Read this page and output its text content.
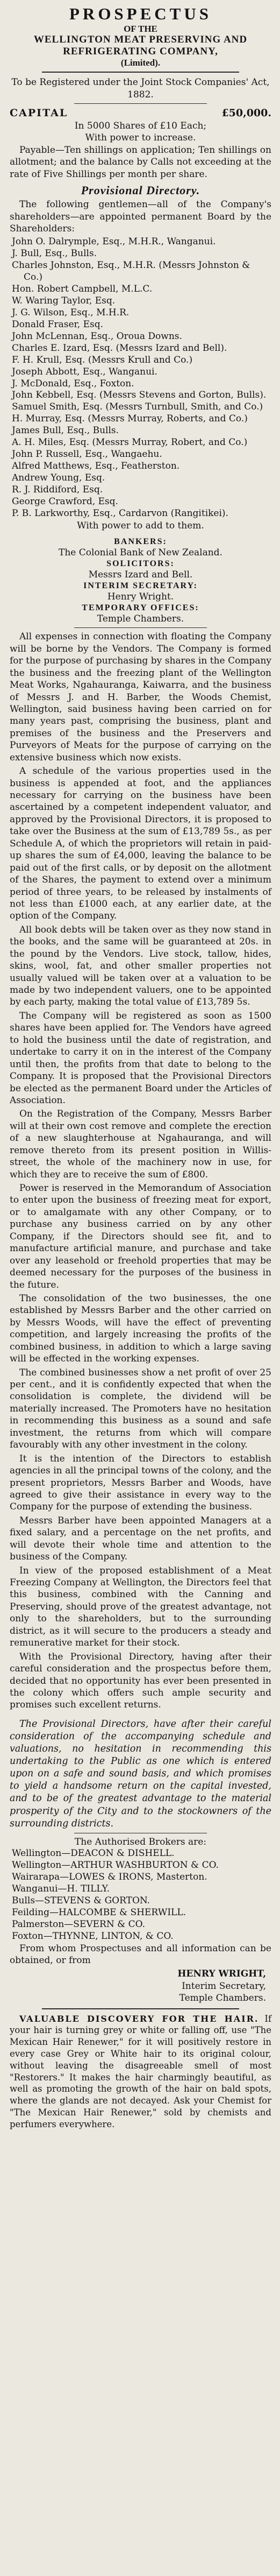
PROSPECTUS
OF THE
WELLINGTON MEAT PRESERVING AND REFRIGERATING COMPANY,
(Limited).

To be Registered under the Joint Stock Companies' Act, 1882.

CAPITAL	£50,000.

In 5000 Shares of £10 Each;

With power to increase.

Payable—Ten shillings on application; Ten shillings on allotment; and the balance by Calls not exceeding at the rate of Five Shillings per month per share.

Provisional Directory.

The following gentlemen—all of the Company's shareholders—are appointed permanent Board by the Shareholders:

John O. Dalrymple, Esq., M.H.R., Wanganui.
J. Bull, Esq., Bulls.
Charles Johnston, Esq., M.H.R. (Messrs Johnston & Co.)
Hon. Robert Campbell, M.L.C.
W. Waring Taylor, Esq.
J. G. Wilson, Esq., M.H.R.
Donald Fraser, Esq.
John McLennan, Esq., Oroua Downs.
Charles E. Izard, Esq. (Messrs Izard and Bell).
F. H. Krull, Esq. (Messrs Krull and Co.)
Joseph Abbott, Esq., Wanganui.
J. McDonald, Esq., Foxton.
John Kebbell, Esq. (Messrs Stevens and Gorton, Bulls).
Samuel Smith, Esq. (Messrs Turnbull, Smith, and Co.)
H. Murray, Esq. (Messrs Murray, Roberts, and Co.)
James Bull, Esq., Bulls.
A. H. Miles, Esq. (Messrs Murray, Robert, and Co.)
John P. Russell, Esq., Wangaehu.
Alfred Matthews, Esq., Featherston.
Andrew Young, Esq.
R. J. Riddiford, Esq.
George Crawford, Esq.
P. B. Larkworthy, Esq., Cardarvon (Rangitikei).

With power to add to them.

BANKERS:

The Colonial Bank of New Zealand.

SOLICITORS:

Messrs Izard and Bell.

INTERIM SECRETARY:

Henry Wright.

TEMPORARY OFFICES:

Temple Chambers.

All expenses in connection with floating the Company will be borne by the Vendors. The Company is formed for the purpose of purchasing by shares in the Company the business and the freezing plant of the Wellington Meat Works, Ngahauranga, Kaiwarra, and the business of Messrs J. and H. Barber, the Woods Chemist, Wellington, said business having been carried on for many years past, comprising the business, plant and premises of the business and the Preservers and Purveyors of Meats for the purpose of carrying on the extensive business which now exists.

A schedule of the various properties used in the business is appended at foot, and the appliances necessary for carrying on the business have been ascertained by a competent independent valuator, and approved by the Provisional Directors, it is proposed to take over the Business at the sum of £13,789 5s., as per Schedule A, of which the proprietors will retain in paid-up shares the sum of £4,000, leaving the balance to be paid out of the first calls, or by deposit on the allotment of the Shares, the payment to extend over a minimum period of three years, to be released by instalments of not less than £1000 each, at any earlier date, at the option of the Company.

All book debts will be taken over as they now stand in the books, and the same will be guaranteed at 20s. in the pound by the Vendors. Live stock, tallow, hides, skins, wool, fat, and other smaller properties not usually valued will be taken over at a valuation to be made by two independent valuers, one to be appointed by each party, making the total value of £13,789 5s.

The Company will be registered as soon as 1500 shares have been applied for. The Vendors have agreed to hold the business until the date of registration, and undertake to carry it on in the interest of the Company until then, the profits from that date to belong to the Company. It is proposed that the Provisional Directors be elected as the permanent Board under the Articles of Association.

On the Registration of the Company, Messrs Barber will at their own cost remove and complete the erection of a new slaughterhouse at Ngahauranga, and will remove thereto from its present position in Willis-street, the whole of the machinery now in use, for which they are to receive the sum of £800.

Power is reserved in the Memorandum of Association to enter upon the business of freezing meat for export, or to amalgamate with any other Company, or to purchase any business carried on by any other Company, if the Directors should see fit, and to manufacture artificial manure, and purchase and take over any leasehold or freehold properties that may be deemed necessary for the purposes of the business in the future.

The consolidation of the two businesses, the one established by Messrs Barber and the other carried on by Messrs Woods, will have the effect of preventing competition, and largely increasing the profits of the combined business, in addition to which a large saving will be effected in the working expenses.

The combined businesses show a net profit of over 25 per cent., and it is confidently expected that when the consolidation is complete, the dividend will be materially increased. The Promoters have no hesitation in recommending this business as a sound and safe investment, the returns from which will compare favourably with any other investment in the colony.

It is the intention of the Directors to establish agencies in all the principal towns of the colony, and the present proprietors, Messrs Barber and Woods, have agreed to give their assistance in every way to the Company for the purpose of extending the business.

Messrs Barber have been appointed Managers at a fixed salary, and a percentage on the net profits, and will devote their whole time and attention to the business of the Company.

In view of the proposed establishment of a Meat Freezing Company at Wellington, the Directors feel that this business, combined with the Canning and Preserving, should prove of the greatest advantage, not only to the shareholders, but to the surrounding district, as it will secure to the producers a steady and remunerative market for their stock.

With the Provisional Directory, having after their careful consideration and the prospectus before them, decided that no opportunity has ever been presented in the colony which offers such ample security and promises such excellent returns.

The Provisional Directors, have after their careful consideration of the accompanying schedule and valuations, no hesitation in recommending this undertaking to the Public as one which is entered upon on a safe and sound basis, and which promises to yield a handsome return on the capital invested, and to be of the greatest advantage to the material prosperity of the City and to the stockowners of the surrounding districts.

The Authorised Brokers are:

Wellington—DEACON & DISHELL.
Wellington—ARTHUR WASHBURTON & CO.
Wairarapa—LOWES & IRONS, Masterton.
Wanganui—H. TILLY.
Bulls—STEVENS & GORTON.
Feilding—HALCOMBE & SHERWILL.
Palmerston—SEVERN & CO.
Foxton—THYNNE, LINTON, & CO.

From whom Prospectuses and all information can be obtained, or from

HENRY WRIGHT,

Interim Secretary,

Temple Chambers.

VALUABLE DISCOVERY FOR THE HAIR. If your hair is turning grey or white or falling off, use "The Mexican Hair Renewer," for it will positively restore in every case Grey or White hair to its original colour, without leaving the disagreeable smell of most "Restorers." It makes the hair charmingly beautiful, as well as promoting the growth of the hair on bald spots, where the glands are not decayed. Ask your Chemist for "The Mexican Hair Renewer," sold by chemists and perfumers everywhere.
